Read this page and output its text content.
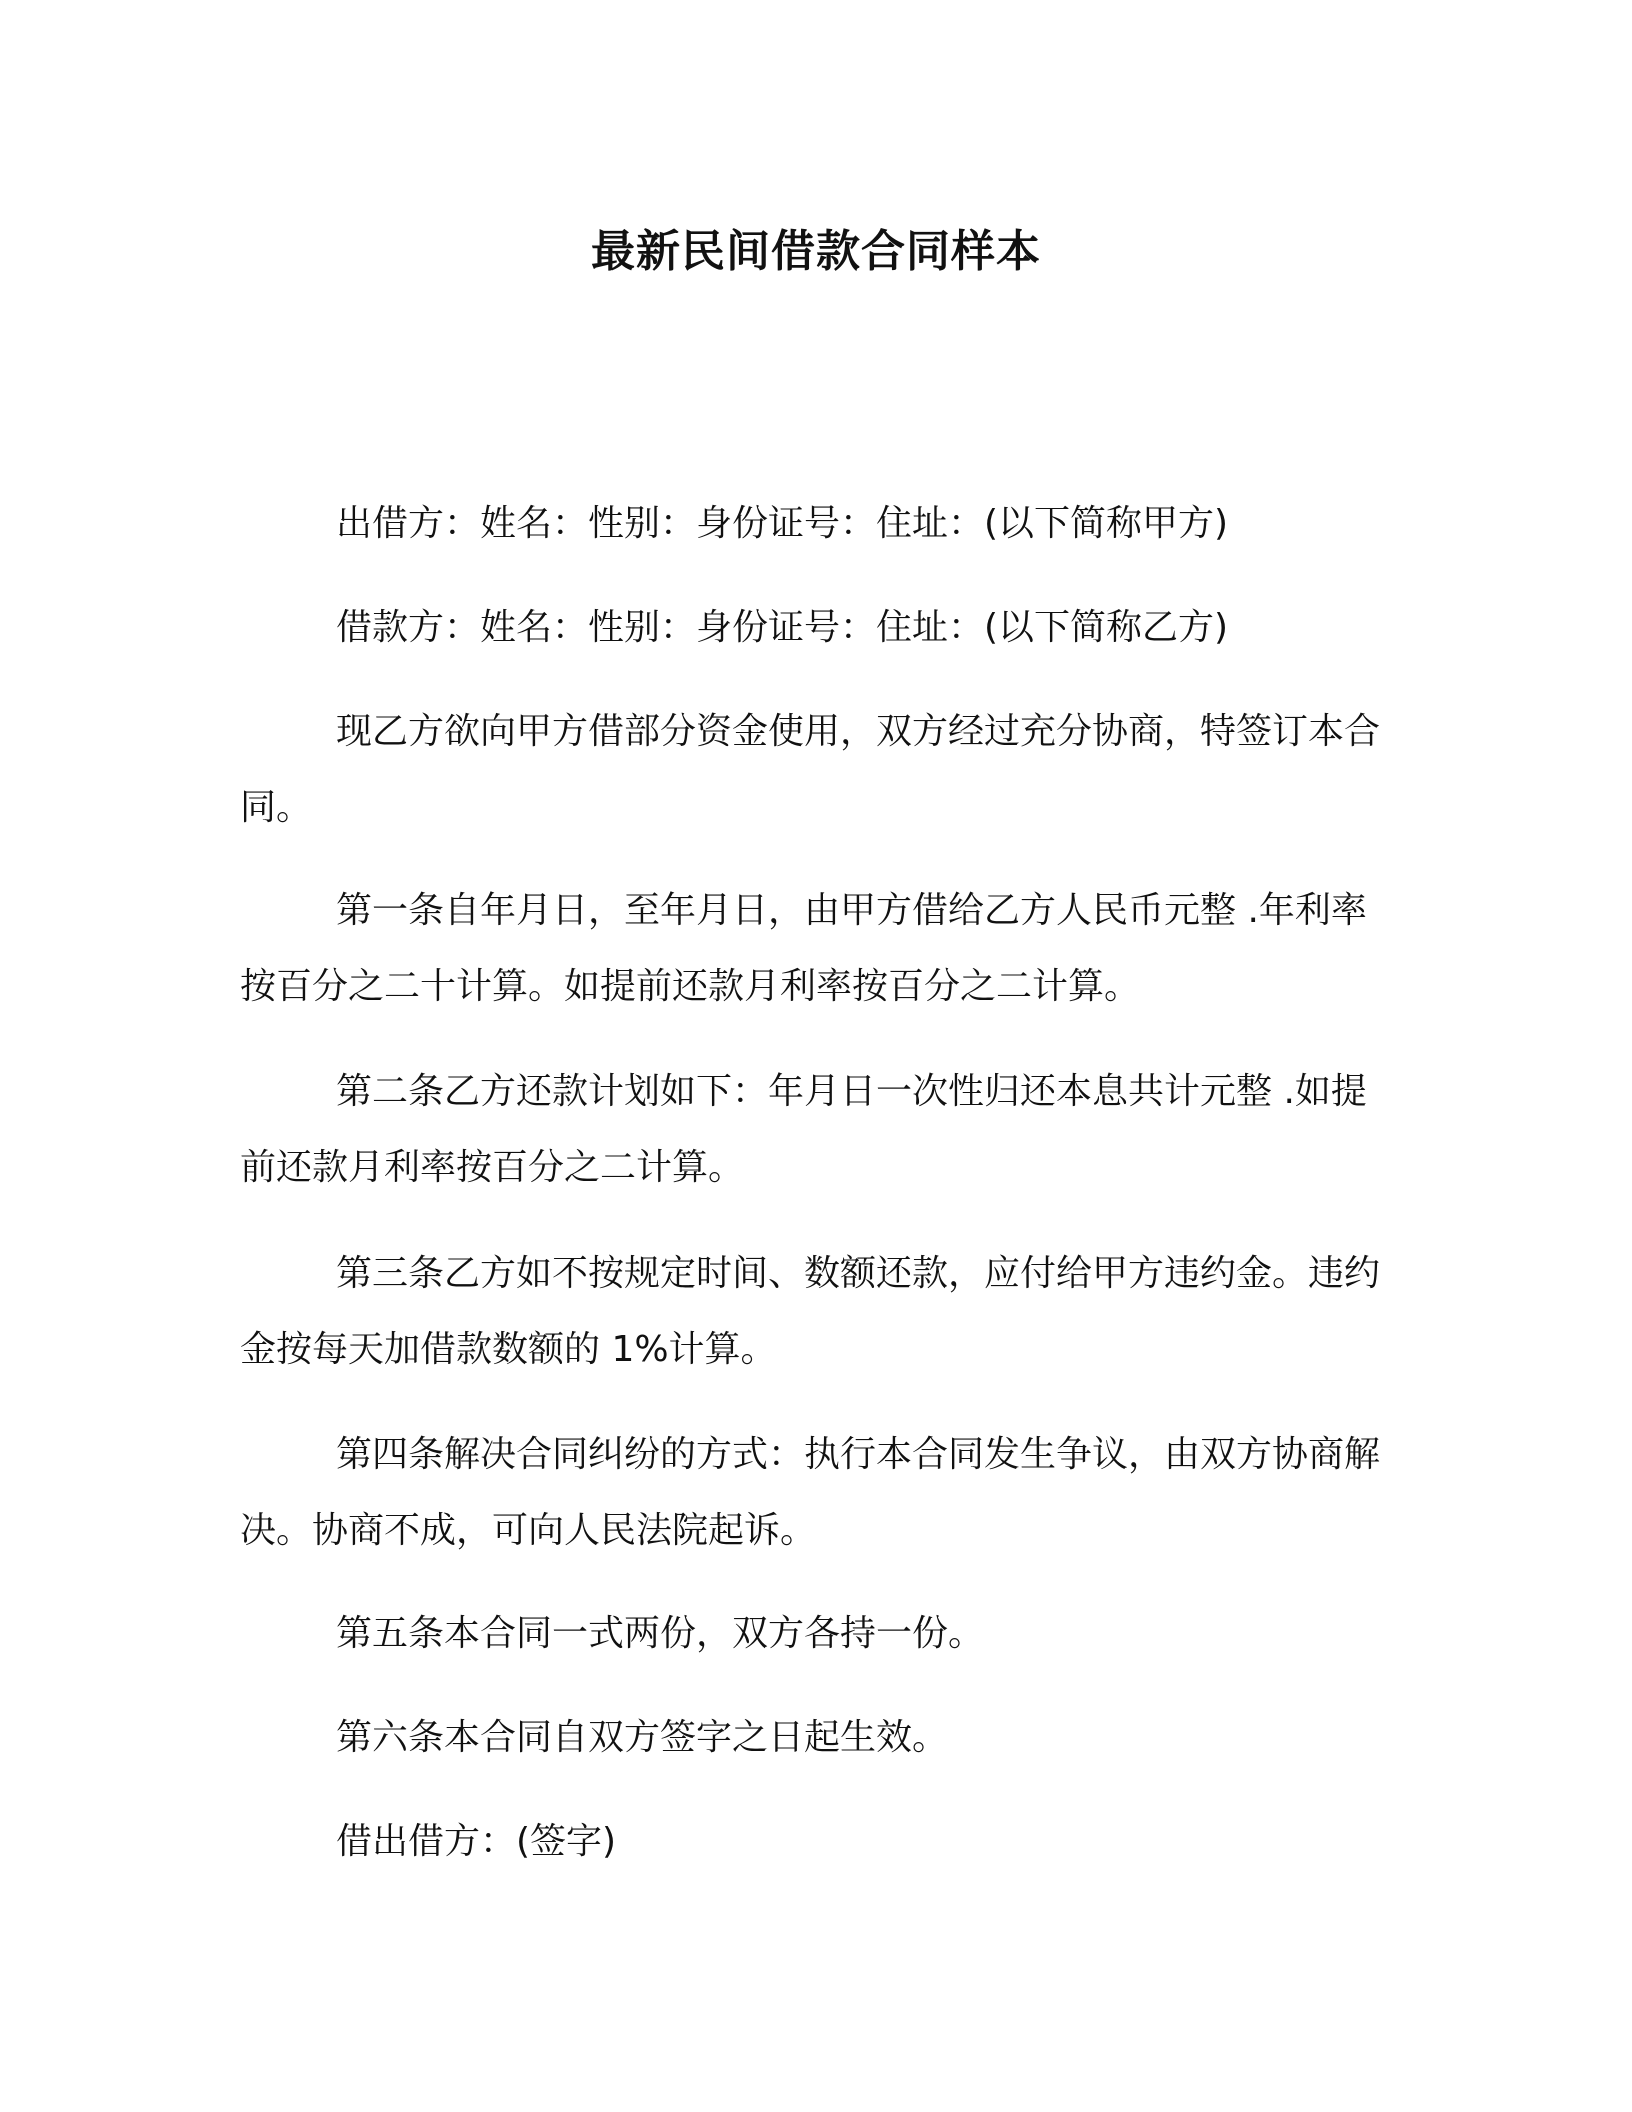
最新民间借款合同样本

出借方：姓名：性别：身份证号：住址：(以下简称甲方)

借款方：姓名：性别：身份证号：住址：(以下简称乙方)

现乙方欲向甲方借部分资金使用，双方经过充分协商，特签订本合同。

第一条自年月日，至年月日，由甲方借给乙方人民币元整 .年利率按百分之二十计算。如提前还款月利率按百分之二计算。

第二条乙方还款计划如下：年月日一次性归还本息共计元整 .如提前还款月利率按百分之二计算。

第三条乙方如不按规定时间、数额还款，应付给甲方违约金。违约金按每天加借款数额的 1%计算。

第四条解决合同纠纷的方式：执行本合同发生争议，由双方协商解决。协商不成，可向人民法院起诉。

第五条本合同一式两份，双方各持一份。

第六条本合同自双方签字之日起生效。

借出借方：(签字)
